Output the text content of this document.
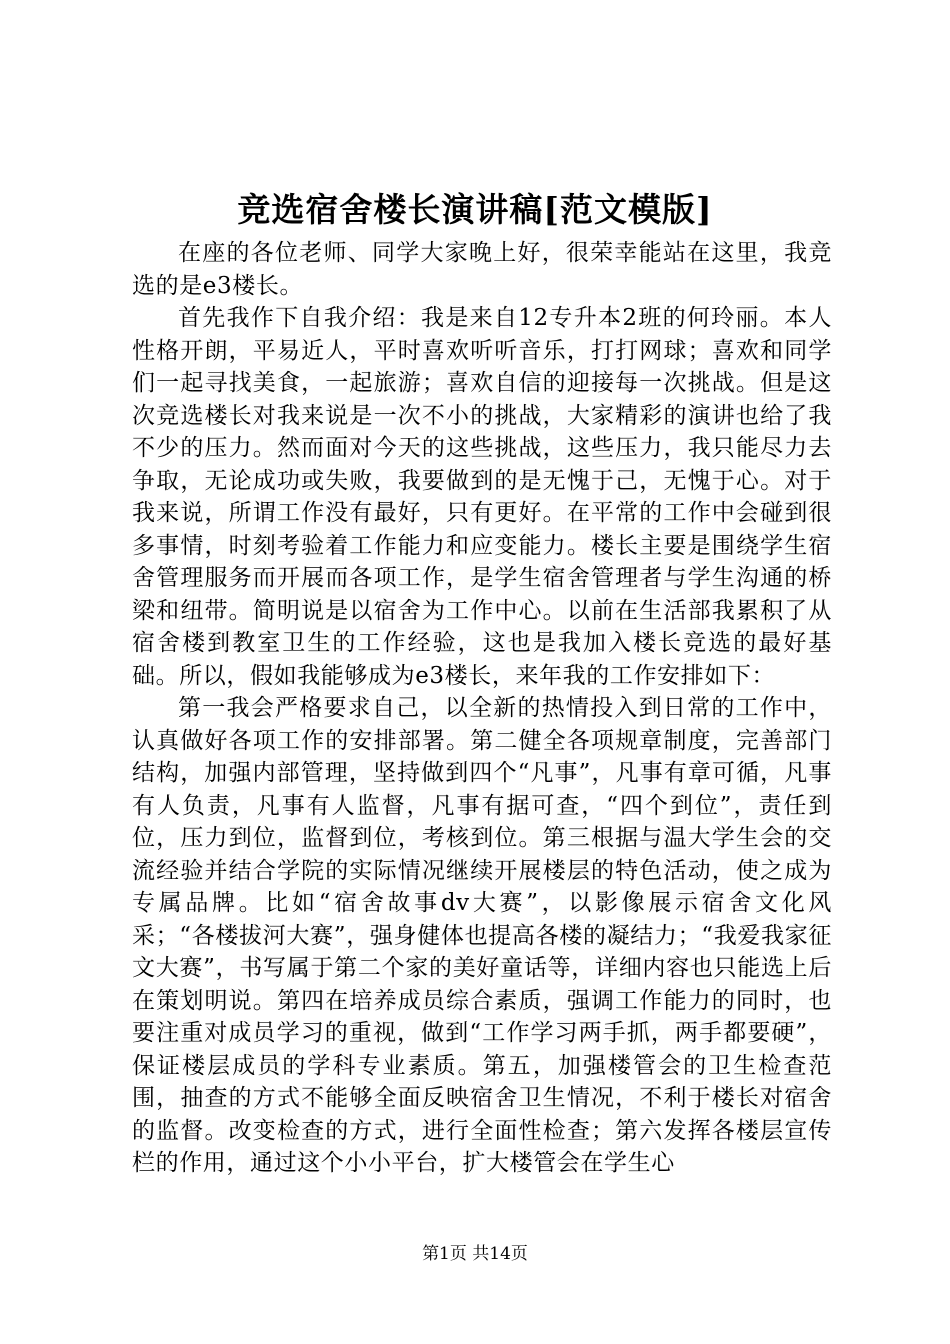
竞选宿舍楼长演讲稿[范文模版]

在座的各位老师、同学大家晚上好，很荣幸能站在这里，我竞选的是e3楼长。

首先我作下自我介绍：我是来自12专升本2班的何玲丽。本人性格开朗，平易近人，平时喜欢听听音乐，打打网球；喜欢和同学们一起寻找美食，一起旅游；喜欢自信的迎接每一次挑战。但是这次竞选楼长对我来说是一次不小的挑战，大家精彩的演讲也给了我不少的压力。然而面对今天的这些挑战，这些压力，我只能尽力去争取，无论成功或失败，我要做到的是无愧于己，无愧于心。对于我来说，所谓工作没有最好，只有更好。在平常的工作中会碰到很多事情，时刻考验着工作能力和应变能力。楼长主要是围绕学生宿舍管理服务而开展而各项工作，是学生宿舍管理者与学生沟通的桥梁和纽带。简明说是以宿舍为工作中心。以前在生活部我累积了从宿舍楼到教室卫生的工作经验，这也是我加入楼长竞选的最好基础。所以，假如我能够成为e3楼长，来年我的工作安排如下：

第一我会严格要求自己，以全新的热情投入到日常的工作中，认真做好各项工作的安排部署。第二健全各项规章制度，完善部门结构，加强内部管理，坚持做到四个“凡事”，凡事有章可循，凡事有人负责，凡事有人监督，凡事有据可查，“四个到位”，责任到位，压力到位，监督到位，考核到位。第三根据与温大学生会的交流经验并结合学院的实际情况继续开展楼层的特色活动，使之成为专属品牌。比如“宿舍故事dv大赛”，以影像展示宿舍文化风采；“各楼拔河大赛”，强身健体也提高各楼的凝结力；“我爱我家征文大赛”，书写属于第二个家的美好童话等，详细内容也只能选上后在策划明说。第四在培养成员综合素质，强调工作能力的同时，也要注重对成员学习的重视，做到“工作学习两手抓，两手都要硬”，保证楼层成员的学科专业素质。第五，加强楼管会的卫生检查范围，抽查的方式不能够全面反映宿舍卫生情况，不利于楼长对宿舍的监督。改变检查的方式，进行全面性检查；第六发挥各楼层宣传栏的作用，通过这个小小平台，扩大楼管会在学生心

第1页 共14页
